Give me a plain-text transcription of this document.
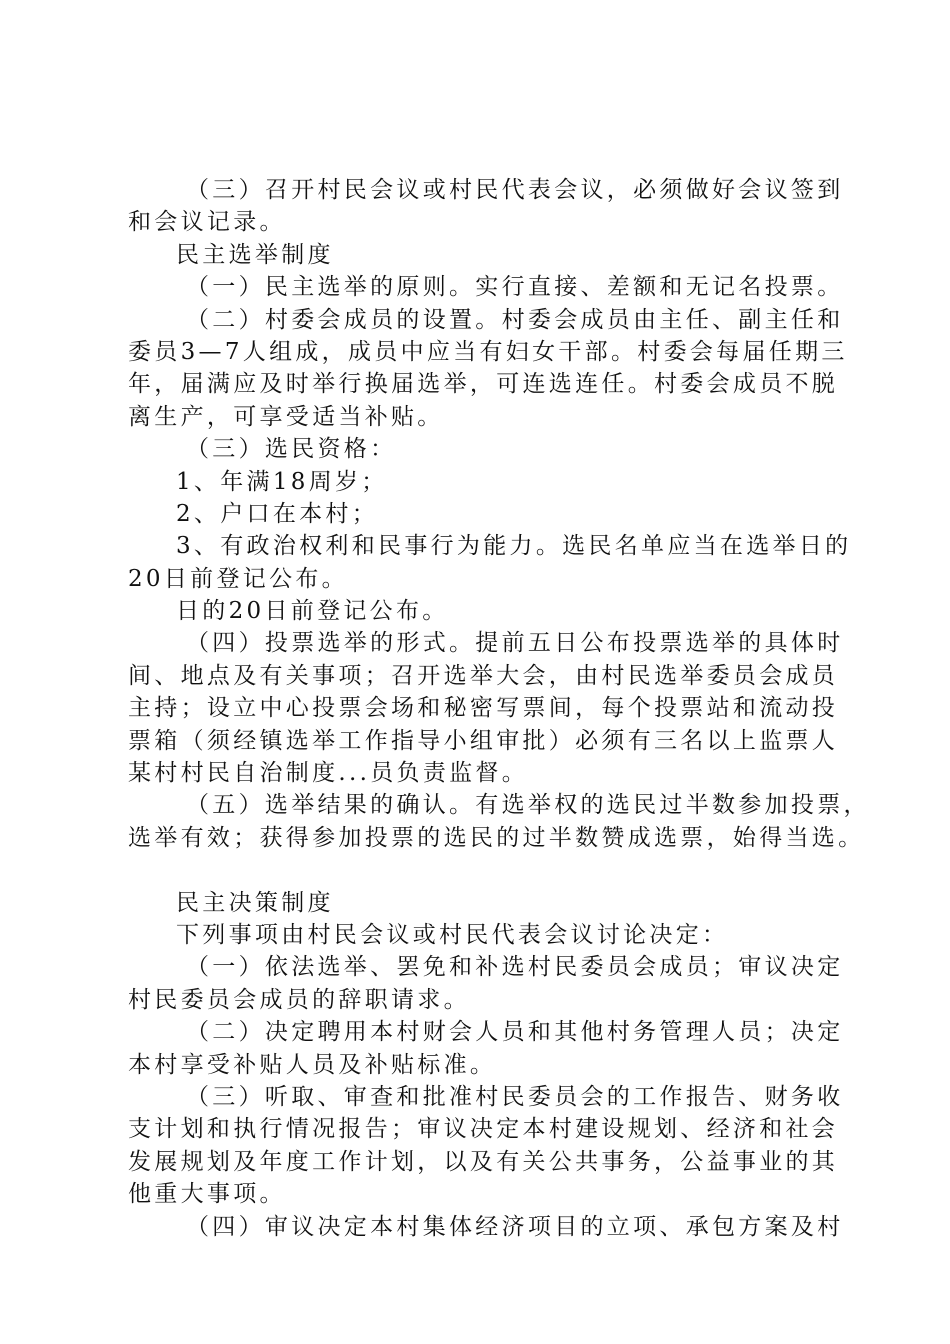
（三）召开村民会议或村民代表会议，必须做好会议签到
和会议记录。
民主选举制度
（一）民主选举的原则。实行直接、差额和无记名投票。
（二）村委会成员的设置。村委会成员由主任、副主任和
委员3—7人组成，成员中应当有妇女干部。村委会每届任期三
年，届满应及时举行换届选举，可连选连任。村委会成员不脱
离生产，可享受适当补贴。
（三）选民资格：
1、年满18周岁；
2、户口在本村；
3、有政治权利和民事行为能力。选民名单应当在选举日的
20日前登记公布。
日的20日前登记公布。
（四）投票选举的形式。提前五日公布投票选举的具体时
间、地点及有关事项；召开选举大会，由村民选举委员会成员
主持；设立中心投票会场和秘密写票间，每个投票站和流动投
票箱（须经镇选举工作指导小组审批）必须有三名以上监票人
某村村民自治制度...员负责监督。
（五）选举结果的确认。有选举权的选民过半数参加投票，
选举有效；获得参加投票的选民的过半数赞成选票，始得当选。
民主决策制度
下列事项由村民会议或村民代表会议讨论决定：
（一）依法选举、罢免和补选村民委员会成员；审议决定
村民委员会成员的辞职请求。
（二）决定聘用本村财会人员和其他村务管理人员；决定
本村享受补贴人员及补贴标准。
（三）听取、审查和批准村民委员会的工作报告、财务收
支计划和执行情况报告；审议决定本村建设规划、经济和社会
发展规划及年度工作计划，以及有关公共事务，公益事业的其
他重大事项。
（四）审议决定本村集体经济项目的立项、承包方案及村
